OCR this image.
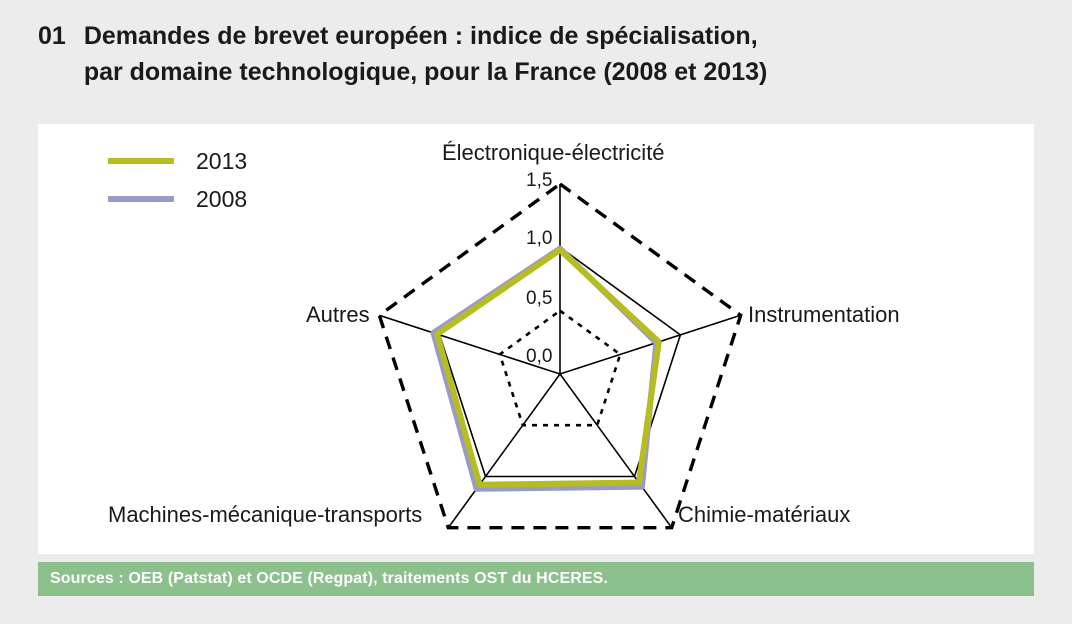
01 Demandes de brevet européen : indice de spécialisation,
par domaine technologique, pour la France (2008 et 2013)
2013
2008
1,5
1,0
0,5
0,0
Électronique-électricité
Instrumentation
Chimie-matériaux
Machines-mécanique-transports
Autres
Sources : OEB (Patstat) et OCDE (Regpat), traitements OST du HCERES.
